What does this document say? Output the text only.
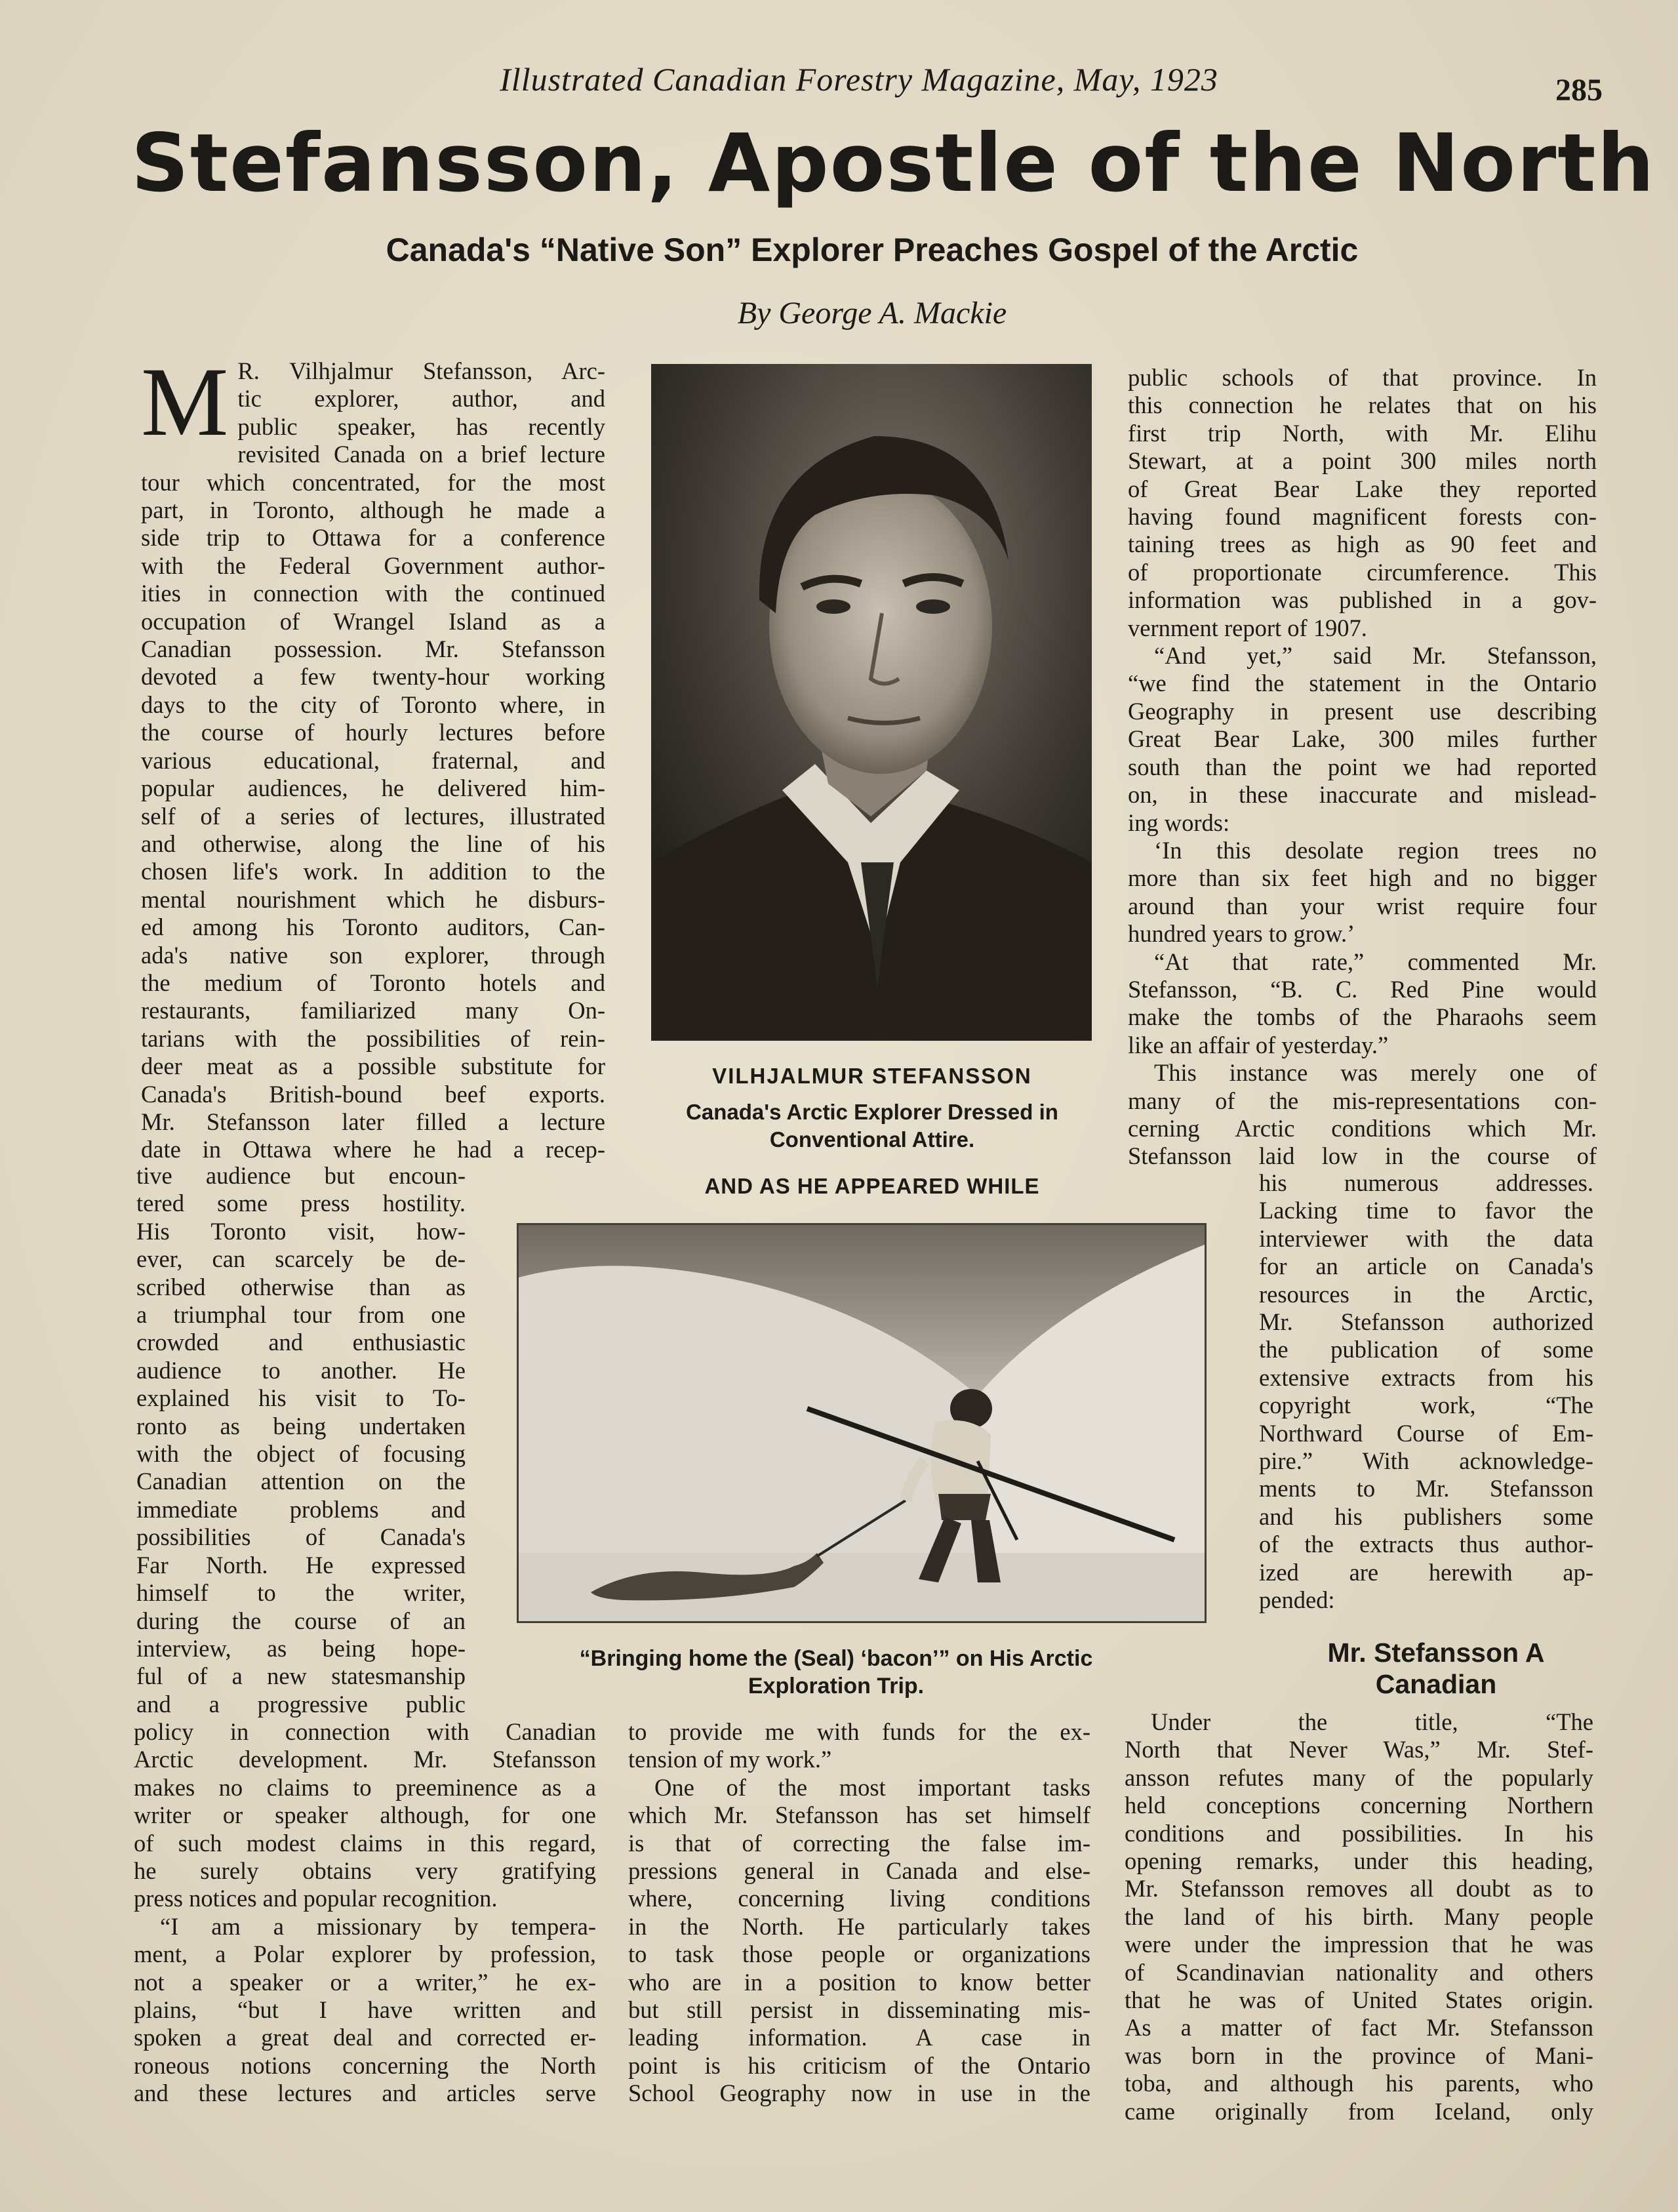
Illustrated Canadian Forestry Magazine, May, 1923	285
Stefansson, Apostle of the North
Canada's “Native Son” Explorer Preaches Gospel of the Arctic
By George A. Mackie
M R. Vilhjalmur Stefansson, Arc-
tic explorer, author, and
public speaker, has recently
revisited Canada on a brief lecture
tour which concentrated, for the most
part, in Toronto, although he made a
side trip to Ottawa for a conference
with the Federal Government author-
ities in connection with the continued
occupation of Wrangel Island as a
Canadian possession. Mr. Stefansson
devoted a few twenty-hour working
days to the city of Toronto where, in
the course of hourly lectures before
various educational, fraternal, and
popular audiences, he delivered him-
self of a series of lectures, illustrated
and otherwise, along the line of his
chosen life's work. In addition to the
mental nourishment which he disburs-
ed among his Toronto auditors, Can-
ada's native son explorer, through
the medium of Toronto hotels and
restaurants, familiarized many On-
tarians with the possibilities of rein-
deer meat as a possible substitute for
Canada's British-bound beef exports.
Mr. Stefansson later filled a lecture
date in Ottawa where he had a recep-
tive audience but encoun-
tered some press hostility.
His Toronto visit, how-
ever, can scarcely be de-
scribed otherwise than as
a triumphal tour from one
crowded and enthusiastic
audience to another. He
explained his visit to To-
ronto as being undertaken
with the object of focusing
Canadian attention on the
immediate problems and
possibilities of Canada's
Far North. He expressed
himself to the writer,
during the course of an
interview, as being hope-
ful of a new statesmanship
and a progressive public
policy in connection with Canadian
Arctic development. Mr. Stefansson
makes no claims to preeminence as a
writer or speaker although, for one
of such modest claims in this regard,
he surely obtains very gratifying
press notices and popular recognition.
“I am a missionary by tempera-
ment, a Polar explorer by profession,
not a speaker or a writer,” he ex-
plains, “but I have written and
spoken a great deal and corrected er-
roneous notions concerning the North
and these lectures and articles serve
VILHJALMUR STEFANSSON
Canada's Arctic Explorer Dressed in
Conventional Attire.
AND AS HE APPEARED WHILE
public schools of that province. In
this connection he relates that on his
first trip North, with Mr. Elihu
Stewart, at a point 300 miles north
of Great Bear Lake they reported
having found magnificent forests con-
taining trees as high as 90 feet and
of proportionate circumference. This
information was published in a gov-
vernment report of 1907.
“And yet,” said Mr. Stefansson,
“we find the statement in the Ontario
Geography in present use describing
Great Bear Lake, 300 miles further
south than the point we had reported
on, in these inaccurate and mislead-
ing words:
‘In this desolate region trees no
more than six feet high and no bigger
around than your wrist require four
hundred years to grow.’
“At that rate,” commented Mr.
Stefansson, “B. C. Red Pine would
make the tombs of the Pharaohs seem
like an affair of yesterday.”
This instance was merely one of
many of the mis-representations con-
cerning Arctic conditions which Mr.
Stefansson laid low in the course of
his numerous addresses.
Lacking time to favor the
interviewer with the data
for an article on Canada's
resources in the Arctic,
Mr. Stefansson authorized
the publication of some
extensive extracts from his
copyright work, “The
Northward Course of Em-
pire.” With acknowledge-
ments to Mr. Stefansson
and his publishers some
of the extracts thus author-
ized are herewith ap-
pended:
“Bringing home the (Seal) ‘bacon’” on His Arctic
Exploration Trip.
Mr. Stefansson A Canadian
to provide me with funds for the ex-
tension of my work.”
One of the most important tasks
which Mr. Stefansson has set himself
is that of correcting the false im-
pressions general in Canada and else-
where, concerning living conditions
in the North. He particularly takes
to task those people or organizations
who are in a position to know better
but still persist in disseminating mis-
leading information. A case in
point is his criticism of the Ontario
School Geography now in use in the
Under the title, “The
North that Never Was,” Mr. Stef-
ansson refutes many of the popularly
held conceptions concerning Northern
conditions and possibilities. In his
opening remarks, under this heading,
Mr. Stefansson removes all doubt as to
the land of his birth. Many people
were under the impression that he was
of Scandinavian nationality and others
that he was of United States origin.
As a matter of fact Mr. Stefansson
was born in the province of Mani-
toba, and although his parents, who
came originally from Iceland, only
